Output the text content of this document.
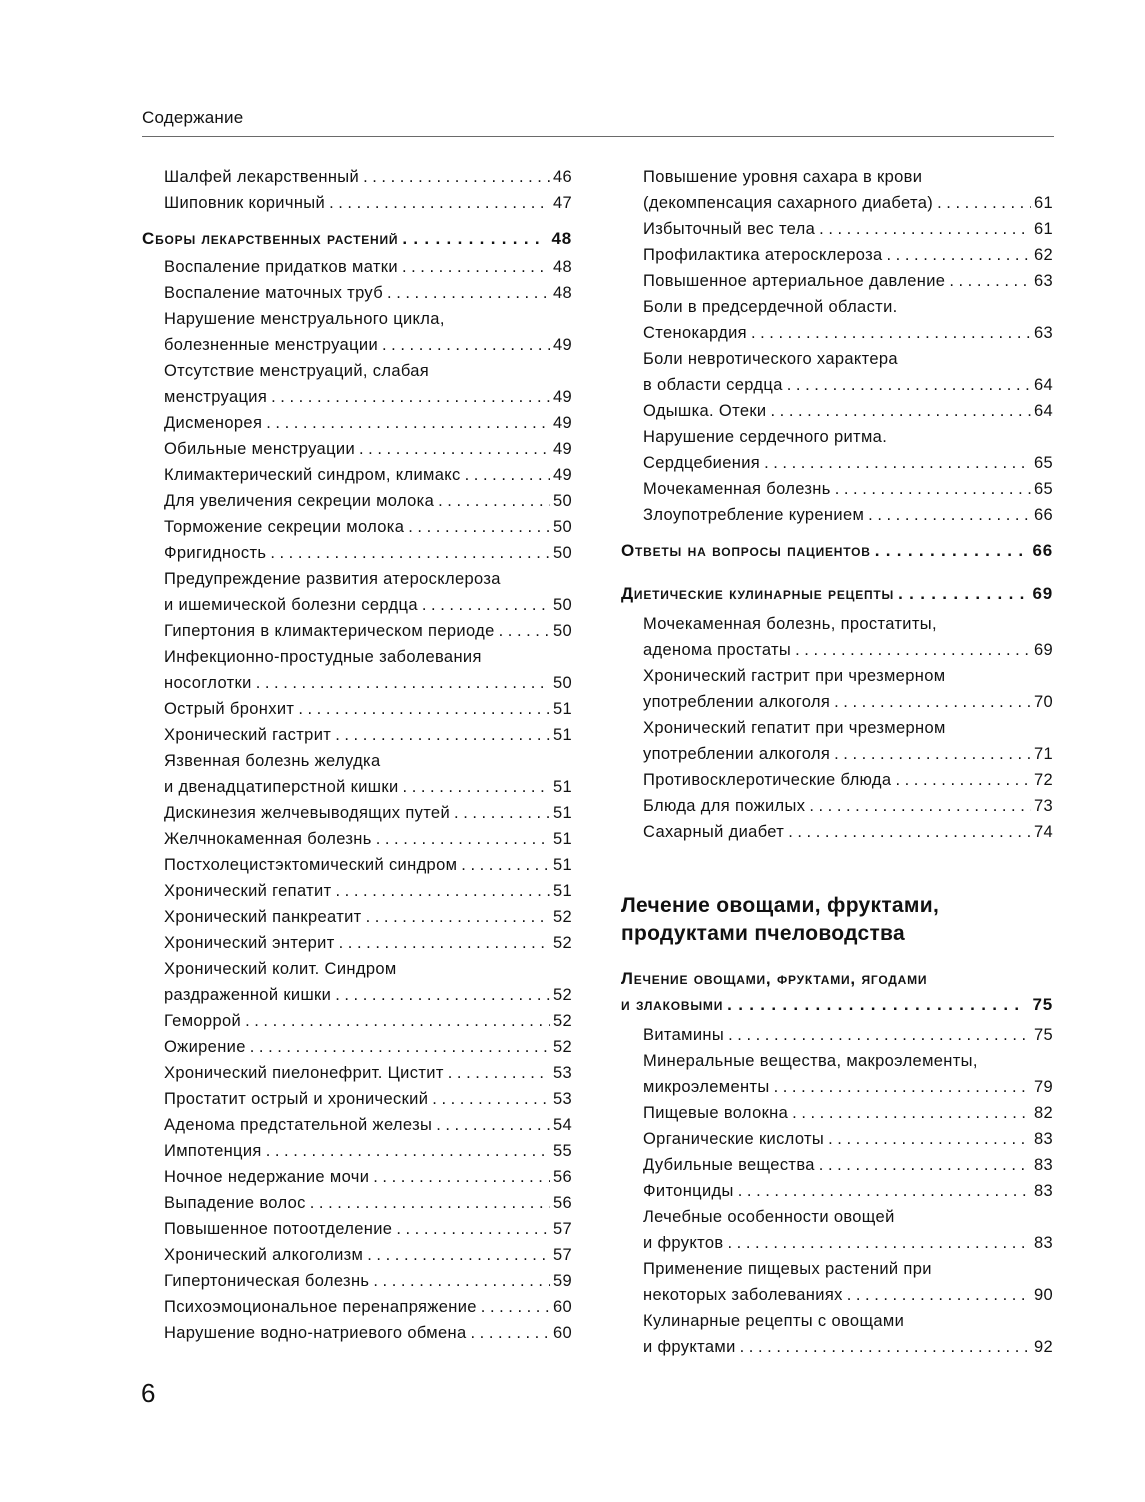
Содержание
Шалфей лекарственный . . .	46
Шиповник коричный . . .	47
Сборы лекарственных растений . . .	48
Воспаление придатков матки . . .	48
Воспаление маточных труб . . .	48
Нарушение менструального цикла,
болезненные менструации . . .	49
Отсутствие менструаций, слабая
менструация . . .	49
Дисменорея . . .	49
Обильные менструации . . .	49
Климактерический синдром, климакс . . .	49
Для увеличения секреции молока . . .	50
Торможение секреции молока . . .	50
Фригидность . . .	50
Предупреждение развития атеросклероза
и ишемической болезни сердца . . .	50
Гипертония в климактерическом периоде . . .	50
Инфекционно-простудные заболевания
носоглотки . . .	50
Острый бронхит . . .	51
Хронический гастрит . . .	51
Язвенная болезнь желудка
и двенадцатиперстной кишки . . .	51
Дискинезия желчевыводящих путей . . .	51
Желчнокаменная болезнь . . .	51
Постхолецистэктомический синдром . . .	51
Хронический гепатит . . .	51
Хронический панкреатит . . .	52
Хронический энтерит . . .	52
Хронический колит. Синдром
раздраженной кишки . . .	52
Геморрой . . .	52
Ожирение . . .	52
Хронический пиелонефрит. Цистит . . .	53
Простатит острый и хронический . . .	53
Аденома предстательной железы . . .	54
Импотенция . . .	55
Ночное недержание мочи . . .	56
Выпадение волос . . .	56
Повышенное потоотделение . . .	57
Хронический алкоголизм . . .	57
Гипертоническая болезнь . . .	59
Психоэмоциональное перенапряжение . . .	60
Нарушение водно-натриевого обмена . . .	60
Повышение уровня сахара в крови
(декомпенсация сахарного диабета) . . .	61
Избыточный вес тела . . .	61
Профилактика атеросклероза . . .	62
Повышенное артериальное давление . . .	63
Боли в предсердечной области.
Стенокардия . . .	63
Боли невротического характера
в области сердца . . .	64
Одышка. Отеки . . .	64
Нарушение сердечного ритма.
Сердцебиения . . .	65
Мочекаменная болезнь . . .	65
Злоупотребление курением . . .	66
Ответы на вопросы пациентов . . .	66
Диетические кулинарные рецепты . . .	69
Мочекаменная болезнь, простатиты,
аденома простаты . . .	69
Хронический гастрит при чрезмерном
употреблении алкоголя . . .	70
Хронический гепатит при чрезмерном
употреблении алкоголя . . .	71
Противосклеротические блюда . . .	72
Блюда для пожилых . . .	73
Сахарный диабет . . .	74
Лечение овощами, фруктами,
продуктами пчеловодства
Лечение овощами, фруктами, ягодами
и злаковыми . . .	75
Витамины . . .	75
Минеральные вещества, макроэлементы,
микроэлементы . . .	79
Пищевые волокна . . .	82
Органические кислоты . . .	83
Дубильные вещества . . .	83
Фитонциды . . .	83
Лечебные особенности овощей
и фруктов . . .	83
Применение пищевых растений при
некоторых заболеваниях . . .	90
Кулинарные рецепты с овощами
и фруктами . . .	92
6
